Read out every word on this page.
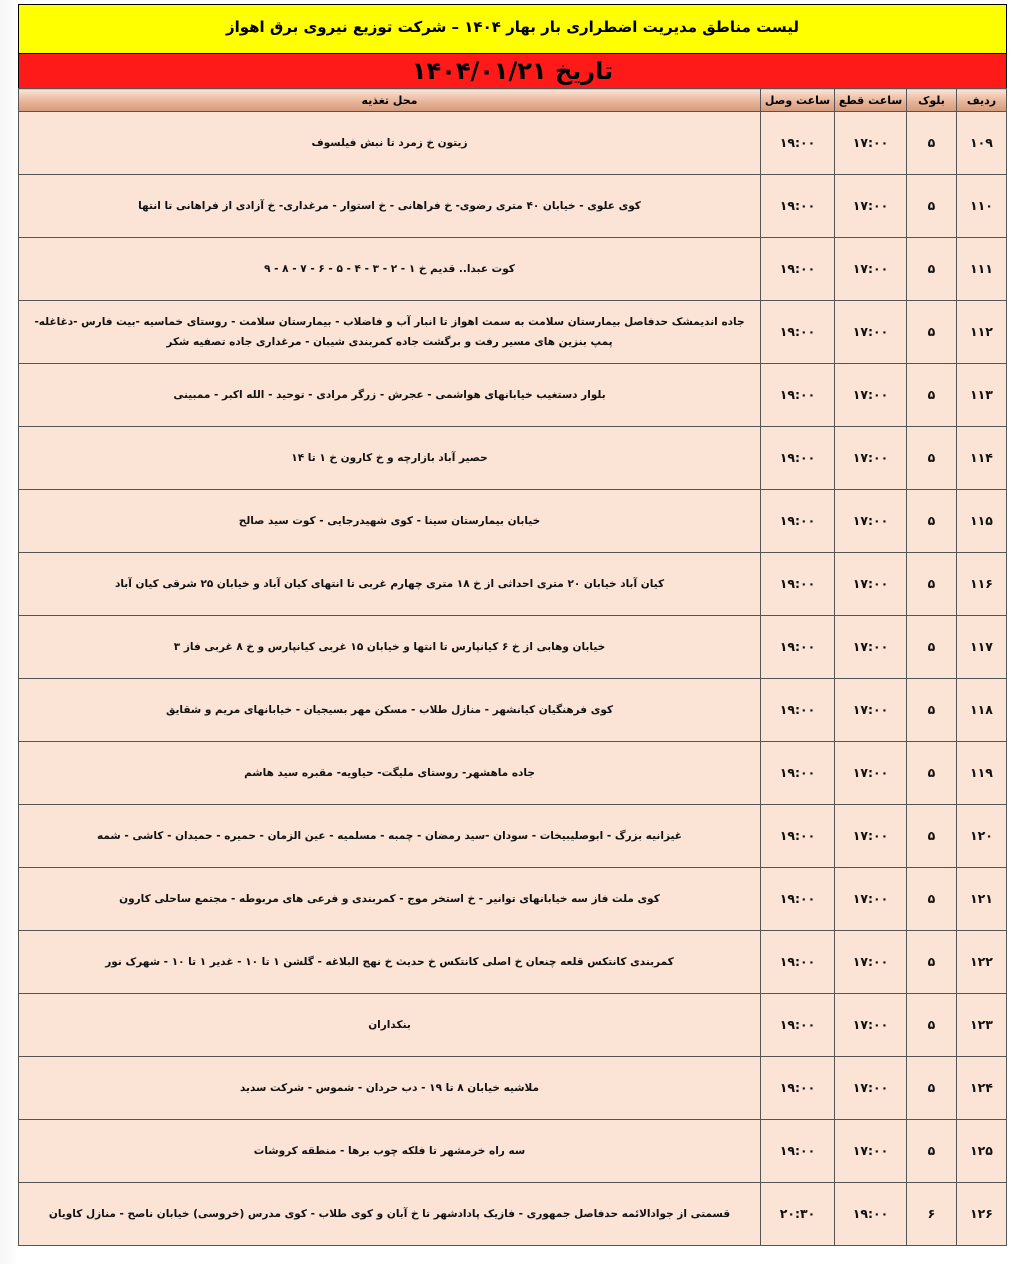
لیست مناطق مدیریت اضطراری بار بهار ۱۴۰۴ – شرکت توزیع نیروی برق اهواز
تاریخ ۱۴۰۴/۰۱/۲۱
ردیف	بلوک	ساعت قطع	ساعت وصل	محل تغذیه
۱۰۹	۵	۱۷:۰۰	۱۹:۰۰	زیتون خ زمرد تا نبش فیلسوف
۱۱۰	۵	۱۷:۰۰	۱۹:۰۰	کوی علوی - خیابان ۴۰ متری رضوی- خ فراهانی - خ استوار - مرغداری- خ آزادی از فراهانی تا انتها
۱۱۱	۵	۱۷:۰۰	۱۹:۰۰	کوت عبدا.. قدیم خ ۱ - ۲ - ۳ - ۴ - ۵ - ۶ - ۷ - ۸ - ۹
۱۱۲	۵	۱۷:۰۰	۱۹:۰۰	جاده اندیمشک حدفاصل بیمارستان سلامت به سمت اهواز تا انبار آب و فاضلاب - بیمارستان سلامت - روستای خماسیه -بیت فارس -دغاغله-پمپ بنزین های مسیر رفت و برگشت جاده کمربندی شیبان - مرغداری جاده تصفیه شکر
۱۱۳	۵	۱۷:۰۰	۱۹:۰۰	بلوار دستغیب خیابانهای هواشمی - عجرش - زرگر مرادی - توحید - الله اکبر - ممبینی
۱۱۴	۵	۱۷:۰۰	۱۹:۰۰	حصیر آباد بازارچه و خ کارون خ ۱ تا ۱۴
۱۱۵	۵	۱۷:۰۰	۱۹:۰۰	خیابان بیمارستان سینا - کوی شهیدرجایی - کوت سید صالح
۱۱۶	۵	۱۷:۰۰	۱۹:۰۰	کیان آباد خیابان ۲۰ متری احداثی از خ ۱۸ متری چهارم غربی تا انتهای کیان آباد و خیابان ۲۵ شرقی کیان آباد
۱۱۷	۵	۱۷:۰۰	۱۹:۰۰	خیابان وهابی از خ ۶ کیانپارس تا انتها و خیابان ۱۵ غربی کیانپارس و خ ۸ غربی فاز ۳
۱۱۸	۵	۱۷:۰۰	۱۹:۰۰	کوی فرهنگیان کیانشهر - منازل طلاب - مسکن مهر بسیجیان - خیابانهای مریم و شقایق
۱۱۹	۵	۱۷:۰۰	۱۹:۰۰	جاده ماهشهر- روستای ملیگت- حیاویه- مقبره سید هاشم
۱۲۰	۵	۱۷:۰۰	۱۹:۰۰	غیزانیه بزرگ - ابوصلیبیخات - سودان -سید رمضان - چمبه - مسلمیه - عین الزمان - حمیره - حمیدان - کاشی - شمه
۱۲۱	۵	۱۷:۰۰	۱۹:۰۰	کوی ملت فاز سه خیابانهای توانیر - خ استخر موج - کمربندی و فرعی های مربوطه - مجتمع ساحلی کارون
۱۲۲	۵	۱۷:۰۰	۱۹:۰۰	کمربندی کانتکس قلعه چنعان خ اصلی کانتکس خ حدیث خ نهج البلاغه - گلشن ۱ تا ۱۰ - غدیر ۱ تا ۱۰ - شهرک نور
۱۲۳	۵	۱۷:۰۰	۱۹:۰۰	بنکداران
۱۲۴	۵	۱۷:۰۰	۱۹:۰۰	ملاشیه خیابان ۸ تا ۱۹ - دب حردان - شموس - شرکت سدید
۱۲۵	۵	۱۷:۰۰	۱۹:۰۰	سه راه خرمشهر تا فلکه چوب برها - منطقه کروشات
۱۲۶	۶	۱۹:۰۰	۲۰:۳۰	قسمتی از جوادالائمه حدفاصل جمهوری - فازیک پادادشهر تا خ آبان و کوی طلاب - کوی مدرس (خروسی) خیابان ناصح - منازل کاویان
